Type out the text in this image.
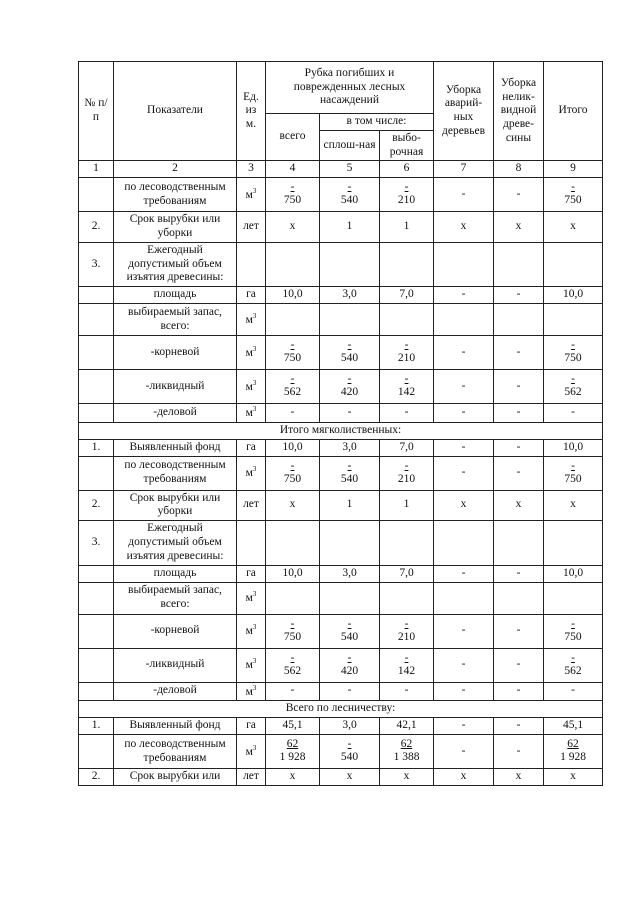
№ п/п	Показатели	Ед. из м.	Рубка погибших и поврежденных лесных насаждений			Уборка аварий-ных деревьев	Уборка нелик-видной древе-сины	Итого
			всего	в том числе:				
				сплош-ная	выбо-рочная			
1	2	3	4	5	6	7	8	9
	по лесоводственным требованиям	$м^3$	$\frac{-}{750}$	$\frac{-}{540}$	$\frac{-}{210}$	-	-	$\frac{-}{750}$

2.	Срок вырубки или уборки	лет	х	1	1	х	х	х
3.	Ежегодный допустимый объем изъятия древесины:							
	площадь	га	10,0	3,0	7,0	-	-	10,0
	выбираемый запас, всего:	$м^3$						
	-корневой	$м^3$	$\frac{-}{750}$	$\frac{-}{540}$	$\frac{-}{210}$	-	-	$\frac{-}{750}$

	-ликвидный	$м^3$	$\frac{-}{562}$	$\frac{-}{420}$	$\frac{-}{142}$	-	-	$\frac{-}{562}$

	-деловой	$м^3$	-	-	-	-	-	-
Итого мягколиственных:								
1.	Выявленный фонд	га	10,0	3,0	7,0	-	-	10,0
	по лесоводственным требованиям	$м^3$	$\frac{-}{750}$	$\frac{-}{540}$	$\frac{-}{210}$	-	-	$\frac{-}{750}$

2.	Срок вырубки или уборки	лет	х	1	1	х	х	х
3.	Ежегодный допустимый объем изъятия древесины:							
	площадь	га	10,0	3,0	7,0	-	-	10,0
	выбираемый запас, всего:	$м^3$						
	-корневой	$м^3$	$\frac{-}{750}$	$\frac{-}{540}$	$\frac{-}{210}$	-	-	$\frac{-}{750}$

	-ликвидный	$м^3$	$\frac{-}{562}$	$\frac{-}{420}$	$\frac{-}{142}$	-	-	$\frac{-}{562}$

	-деловой	$м^3$	-	-	-	-	-	-
Всего по лесничеству:								
1.	Выявленный фонд	га	45,1	3,0	42,1	-	-	45,1
	по лесоводственным требованиям	$м^3$	$\frac{62}{1 928}$	$\frac{-}{540}$	$\frac{62}{1 388}$	-	-	$\frac{62}{1 928}$

2.	Срок вырубки или	лет	х	х	х	х	х	х
